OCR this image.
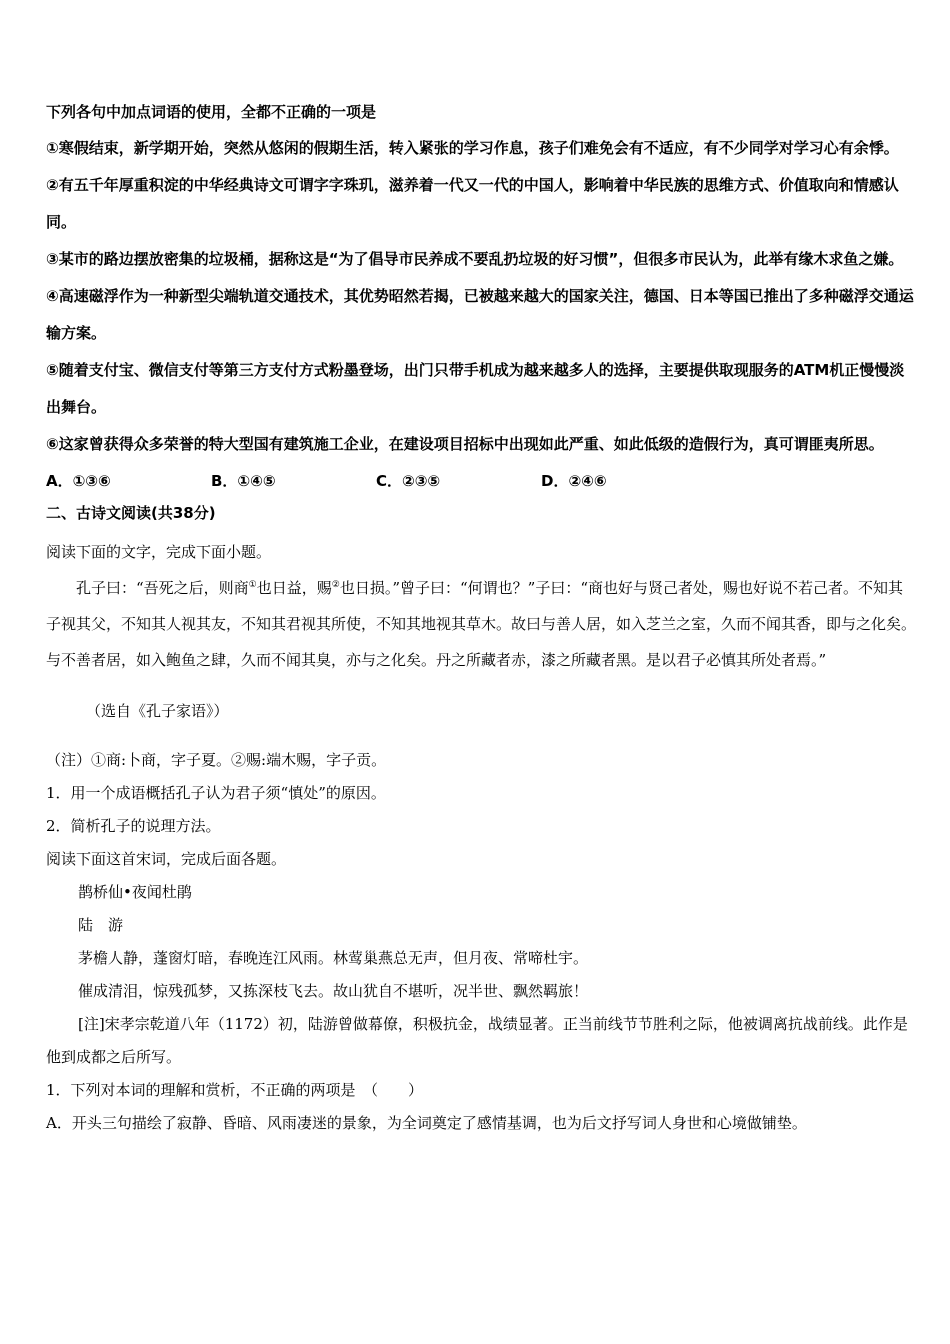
下列各句中加点词语的使用，全都不正确的一项是

①寒假结束，新学期开始，突然从悠闲的假期生活，转入紧张的学习作息，孩子们难免会有不适应，有不少同学对学习心有余悸。

②有五千年厚重积淀的中华经典诗文可谓字字珠玑，滋养着一代又一代的中国人，影响着中华民族的思维方式、价值取向和情感认同。

③某市的路边摆放密集的垃圾桶，据称这是“为了倡导市民养成不要乱扔垃圾的好习惯”，但很多市民认为，此举有缘木求鱼之嫌。

④高速磁浮作为一种新型尖端轨道交通技术，其优势昭然若揭，已被越来越大的国家关注，德国、日本等国已推出了多种磁浮交通运输方案。

⑤随着支付宝、微信支付等第三方支付方式粉墨登场，出门只带手机成为越来越多人的选择，主要提供取现服务的ATM机正慢慢淡出舞台。

⑥这家曾获得众多荣誉的特大型国有建筑施工企业，在建设项目招标中出现如此严重、如此低级的造假行为，真可谓匪夷所思。

A．①③⑥	B．①④⑤	C．②③⑤	D．②④⑥

二、古诗文阅读(共38分)

阅读下面的文字，完成下面小题。

孔子曰：“吾死之后，则商①也日益，赐②也日损。”曾子曰：“何谓也？”子曰：“商也好与贤己者处，赐也好说不若己者。不知其子视其父，不知其人视其友，不知其君视其所使，不知其地视其草木。故曰与善人居，如入芝兰之室，久而不闻其香，即与之化矣。与不善者居，如入鲍鱼之肆，久而不闻其臭，亦与之化矣。丹之所藏者赤，漆之所藏者黑。是以君子必慎其所处者焉。”

（选自《孔子家语》）

（注）①商:卜商，字子夏。②赐:端木赐，字子贡。

1．用一个成语概括孔子认为君子须“慎处”的原因。

2．简析孔子的说理方法。

阅读下面这首宋词，完成后面各题。

鹊桥仙•夜闻杜鹃

陆　游

茅檐人静，蓬窗灯暗，春晚连江风雨。林莺巢燕总无声，但月夜、常啼杜宇。

催成清泪，惊残孤梦，又拣深枝飞去。故山犹自不堪听，况半世、飘然羁旅！

[注]宋孝宗乾道八年（1172）初，陆游曾做幕僚，积极抗金，战绩显著。正当前线节节胜利之际，他被调离抗战前线。此作是他到成都之后所写。

1．下列对本词的理解和赏析，不正确的两项是　（　　）

A．开头三句描绘了寂静、昏暗、风雨凄迷的景象，为全词奠定了感情基调，也为后文抒写词人身世和心境做铺垫。
